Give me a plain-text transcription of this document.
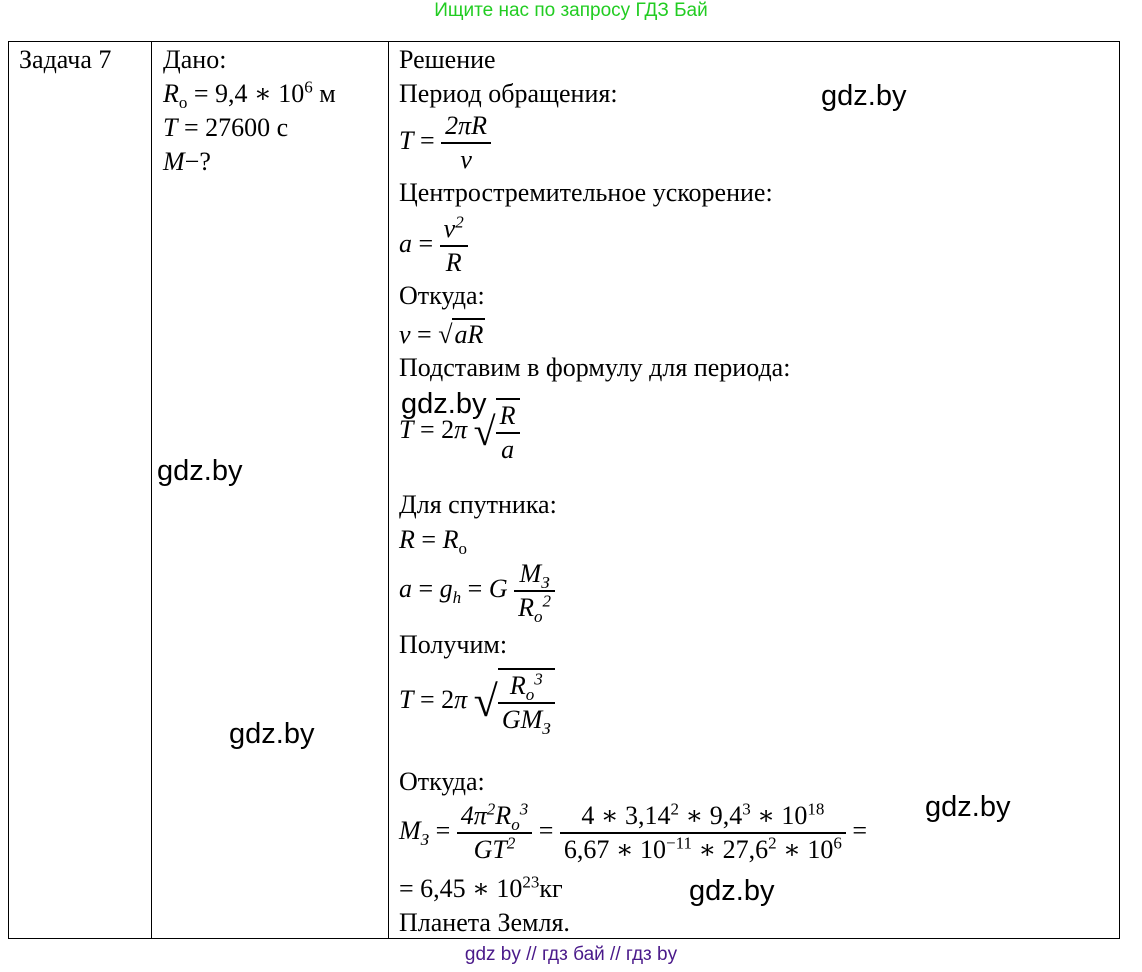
Ищите нас по запросу ГДЗ Бай
Задача 7 Дано:
$R_о = 9,4$ ∗ $10^6$ м
T = 27600 с
M−?
Решение
Период обращения:
$T = \frac{2\pi R}{v}$
Центростремительное ускорение:
$a = \frac{v^2}{R}$
Откуда:
v = √aR
Подставим в формулу для периода:
T = 2π √ $\frac{R}{a}$
Для спутника:
$R = R_о$
$a = g_h = G \frac{M_З}{R_о^2}$
Получим:
T = 2π √ $\frac{R_о^3}{GM_З}$
Откуда:
$M_З = \frac{4\pi^2R_о^3}{GT^2} = \frac{4 ∗ 3,14^2 ∗ 9,4^3 ∗ 10^{18}}{6,67 ∗ 10^{-11} ∗ 27,6^2 ∗ 10^6}$ =
= 6,45 ∗ $10^{23}кг$
Планета Земля.
gdz.by
gdz.by
gdz.by
gdz.by
gdz.by
gdz.by
gdz by // гдз бай // гдз by
